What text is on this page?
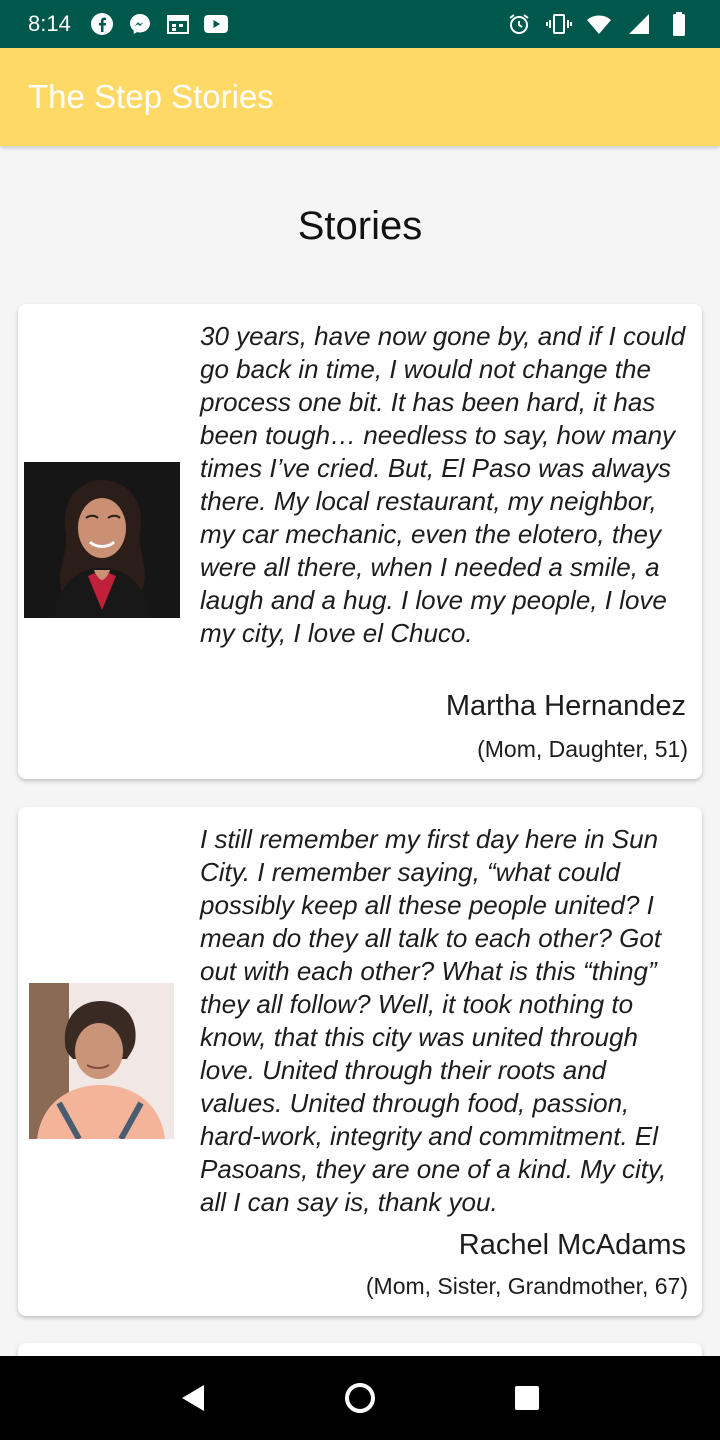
8:14
The Step Stories
Stories
30 years, have now gone by, and if I could go back in time, I would not change the process one bit. It has been hard, it has been tough… needless to say, how many times I’ve cried. But, El Paso was always there. My local restaurant, my neighbor, my car mechanic, even the elotero, they were all there, when I needed a smile, a laugh and a hug. I love my people, I love my city, I love el Chuco.
Martha Hernandez
(Mom, Daughter, 51)
I still remember my first day here in Sun City. I remember saying, “what could possibly keep all these people united? I mean do they all talk to each other? Got out with each other? What is this “thing” they all follow? Well, it took nothing to know, that this city was united through love. United through their roots and values. United through food, passion, hard-work, integrity and commitment. El Pasoans, they are one of a kind. My city, all I can say is, thank you.
Rachel McAdams
(Mom, Sister, Grandmother, 67)
